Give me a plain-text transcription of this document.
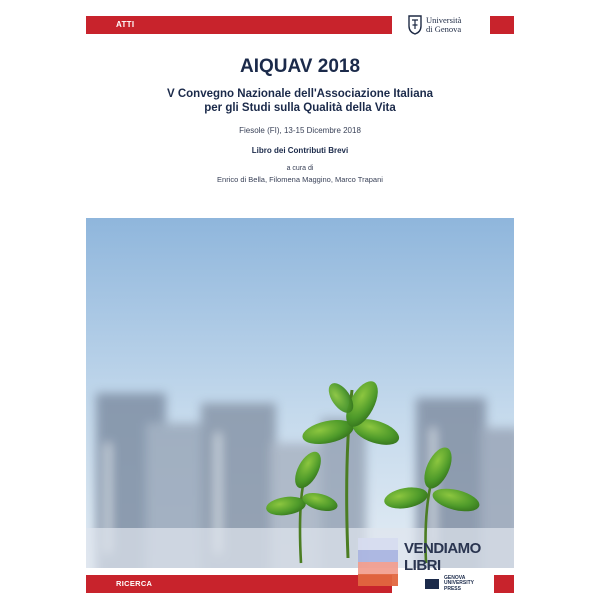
ATTI	Università
di Genova
AIQUAV 2018
V Convegno Nazionale dell'Associazione Italiana
per gli Studi sulla Qualità della Vita
Fiesole (FI), 13-15 Dicembre 2018
Libro dei Contributi Brevi
a cura di
Enrico di Bella, Filomena Maggino, Marco Trapani
RICERCA
VENDIAMO
LIBRI
DI
GENOVA
UNIVERSITY
PRESS
